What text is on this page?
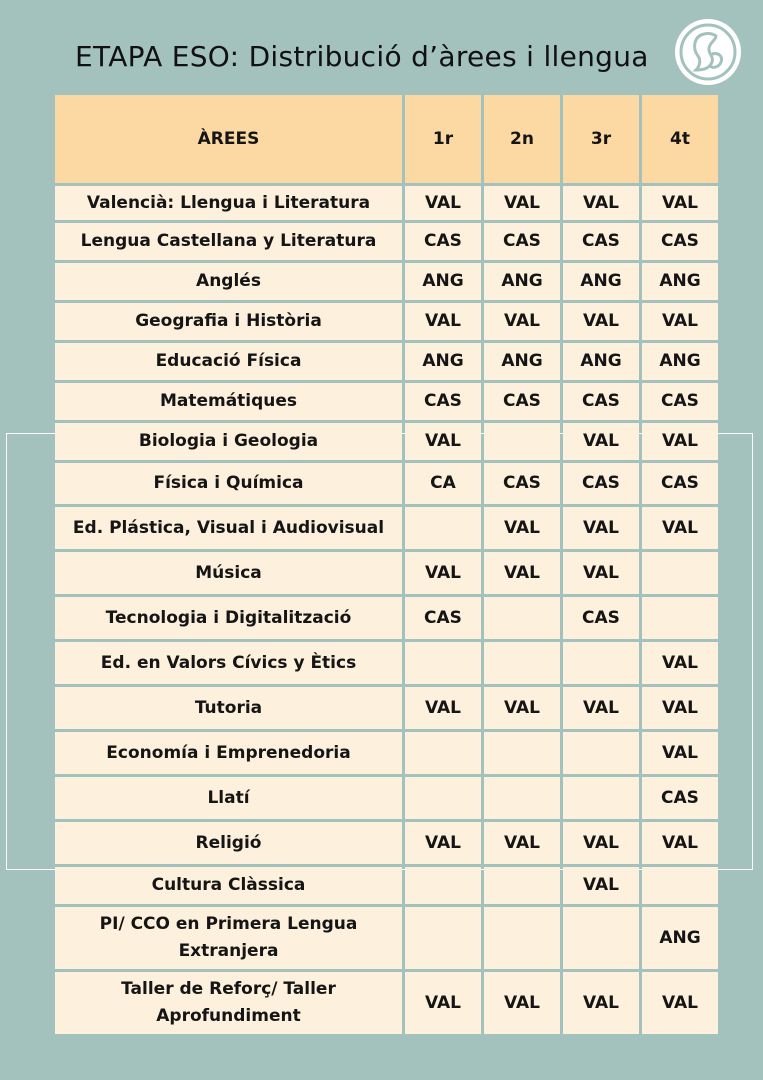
ETAPA ESO: Distribució d’àrees i llengua
ÀREES	1r	2n	3r	4t
Valencià: Llengua i Literatura	VAL	VAL	VAL	VAL
Lengua Castellana y Literatura	CAS	CAS	CAS	CAS
Anglés	ANG	ANG	ANG	ANG
Geografia i Història	VAL	VAL	VAL	VAL
Educació Física	ANG	ANG	ANG	ANG
Matemátiques	CAS	CAS	CAS	CAS
Biologia i Geologia	VAL		VAL	VAL
Física i Química	CA	CAS	CAS	CAS
Ed. Plástica, Visual i Audiovisual		VAL	VAL	VAL
Música	VAL	VAL	VAL	
Tecnologia i Digitalització	CAS		CAS	
Ed. en Valors Cívics y Ètics				VAL
Tutoria	VAL	VAL	VAL	VAL
Economía i Emprenedoria				VAL
Llatí				CAS
Religió	VAL	VAL	VAL	VAL
Cultura Clàssica			VAL	
PI/ CCO en Primera Lengua Extranjera				ANG
Taller de Reforç/ Taller Aprofundiment	VAL	VAL	VAL	VAL
